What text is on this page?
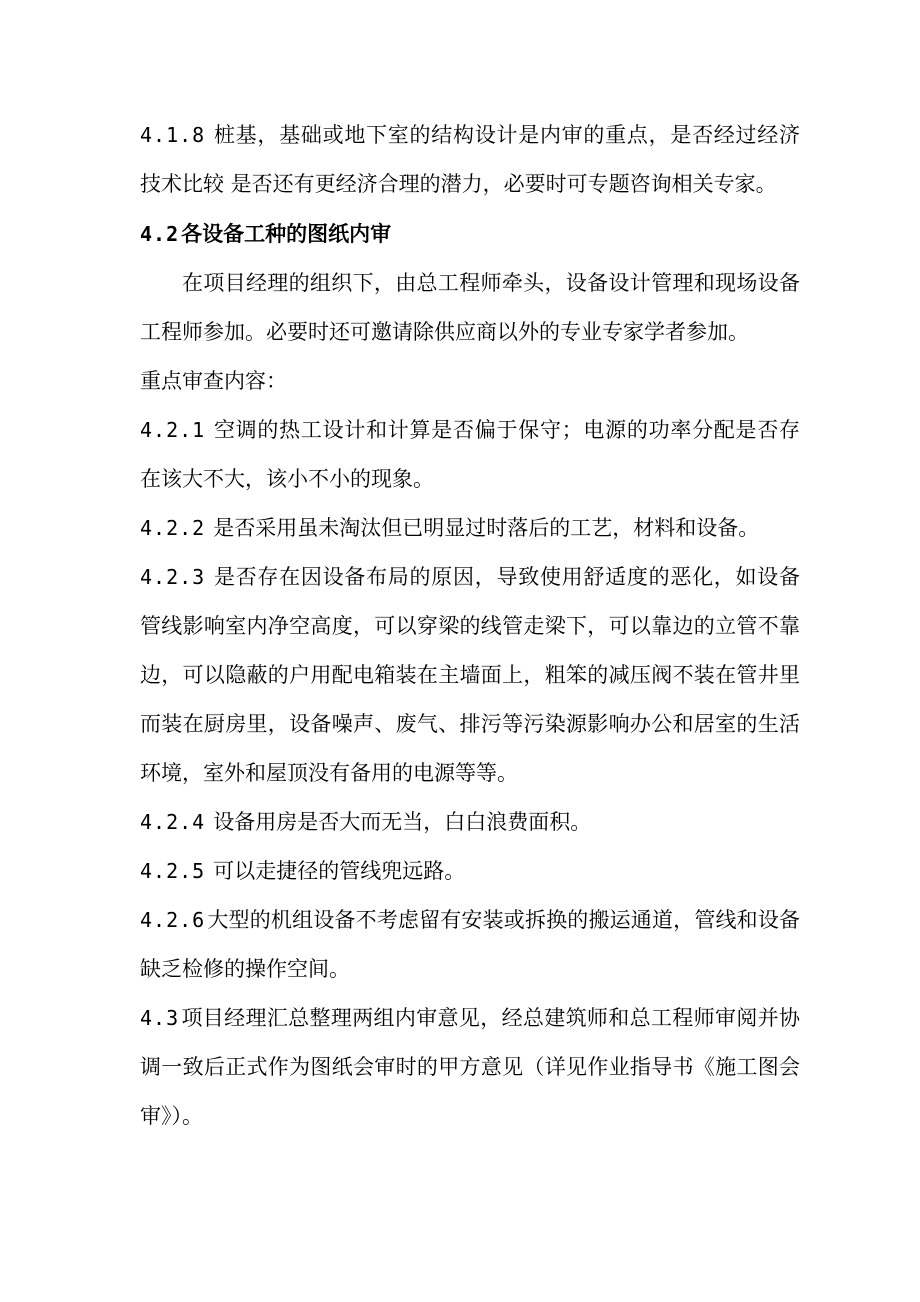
4.1.8 桩基，基础或地下室的结构设计是内审的重点，是否经过经济技术比较 是否还有更经济合理的潜力，必要时可专题咨询相关专家。

4.2各设备工种的图纸内审

在项目经理的组织下，由总工程师牵头，设备设计管理和现场设备工程师参加。必要时还可邀请除供应商以外的专业专家学者参加。

重点审查内容：

4.2.1 空调的热工设计和计算是否偏于保守；电源的功率分配是否存在该大不大，该小不小的现象。

4.2.2 是否采用虽未淘汰但已明显过时落后的工艺，材料和设备。

4.2.3 是否存在因设备布局的原因，导致使用舒适度的恶化，如设备管线影响室内净空高度，可以穿梁的线管走梁下，可以靠边的立管不靠边，可以隐蔽的户用配电箱装在主墙面上，粗笨的减压阀不装在管井里而装在厨房里，设备噪声、废气、排污等污染源影响办公和居室的生活环境，室外和屋顶没有备用的电源等等。

4.2.4 设备用房是否大而无当，白白浪费面积。

4.2.5 可以走捷径的管线兜远路。

4.2.6大型的机组设备不考虑留有安装或拆换的搬运通道，管线和设备缺乏检修的操作空间。

4.3项目经理汇总整理两组内审意见，经总建筑师和总工程师审阅并协调一致后正式作为图纸会审时的甲方意见（详见作业指导书《施工图会审》）。
